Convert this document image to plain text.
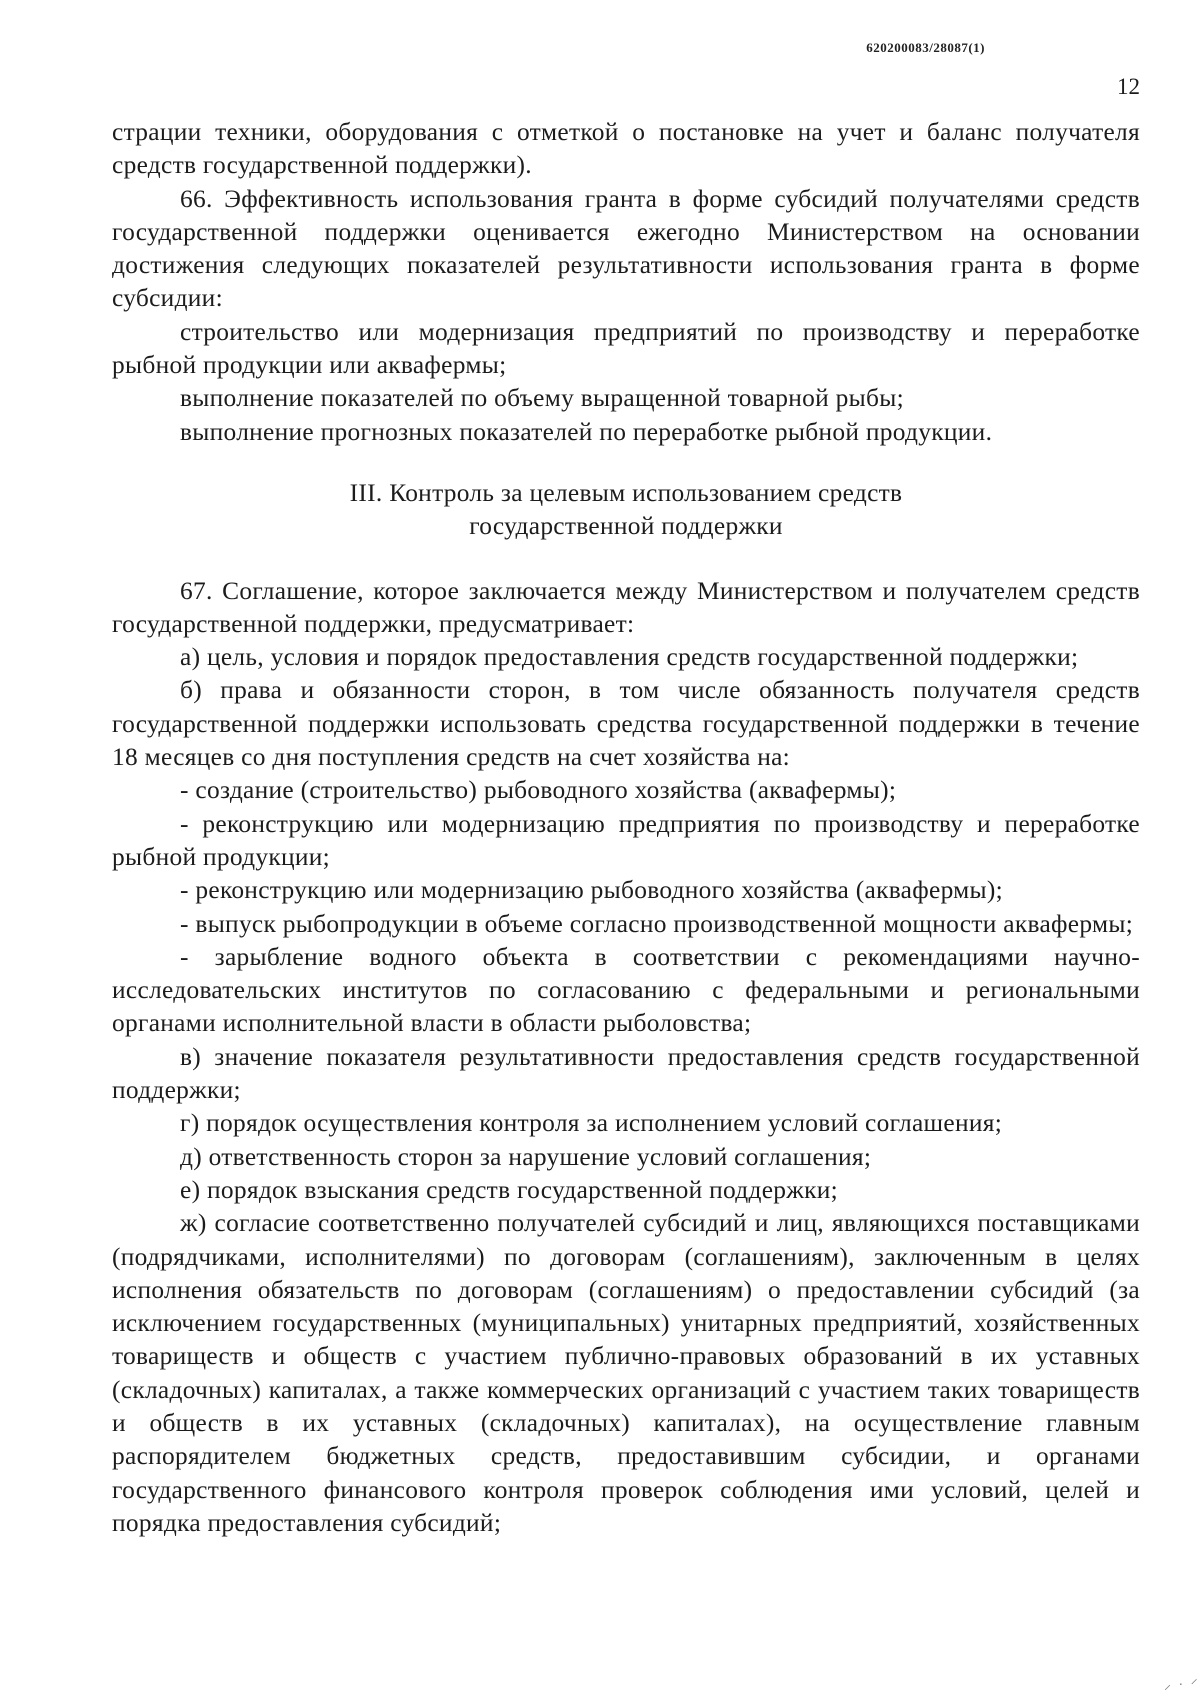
620200083/28087(1)
12

страции техники, оборудования с отметкой о постановке на учет и баланс получателя средств государственной поддержки).

66. Эффективность использования гранта в форме субсидий получателями средств государственной поддержки оценивается ежегодно Министерством на основании достижения следующих показателей результативности использования гранта в форме субсидии:

строительство или модернизация предприятий по производству и переработке рыбной продукции или аквафермы;

выполнение показателей по объему выращенной товарной рыбы;

выполнение прогнозных показателей по переработке рыбной продукции.

III. Контроль за целевым использованием средств
государственной поддержки

67. Соглашение, которое заключается между Министерством и получателем средств государственной поддержки, предусматривает:

а) цель, условия и порядок предоставления средств государственной поддержки;

б) права и обязанности сторон, в том числе обязанность получателя средств государственной поддержки использовать средства государственной поддержки в течение 18 месяцев со дня поступления средств на счет хозяйства на:

- создание (строительство) рыбоводного хозяйства (аквафермы);

- реконструкцию или модернизацию предприятия по производству и переработке рыбной продукции;

- реконструкцию или модернизацию рыбоводного хозяйства (аквафермы);

- выпуск рыбопродукции в объеме согласно производственной мощности аквафермы;

- зарыбление водного объекта в соответствии с рекомендациями научно-исследовательских институтов по согласованию с федеральными и региональными органами исполнительной власти в области рыболовства;

в) значение показателя результативности предоставления средств государственной поддержки;

г) порядок осуществления контроля за исполнением условий соглашения;

д) ответственность сторон за нарушение условий соглашения;

е) порядок взыскания средств государственной поддержки;

ж) согласие соответственно получателей субсидий и лиц, являющихся поставщиками (подрядчиками, исполнителями) по договорам (соглашениям), заключенным в целях исполнения обязательств по договорам (соглашениям) о предоставлении субсидий (за исключением государственных (муниципальных) унитарных предприятий, хозяйственных товариществ и обществ с участием публично-правовых образований в их уставных (складочных) капиталах, а также коммерческих организаций с участием таких товариществ и обществ в их уставных (складочных) капиталах), на осуществление главным распорядителем бюджетных средств, предоставившим субсидии, и органами государственного финансового контроля проверок соблюдения ими условий, целей и порядка предоставления субсидий;

⸝ · ⸍
